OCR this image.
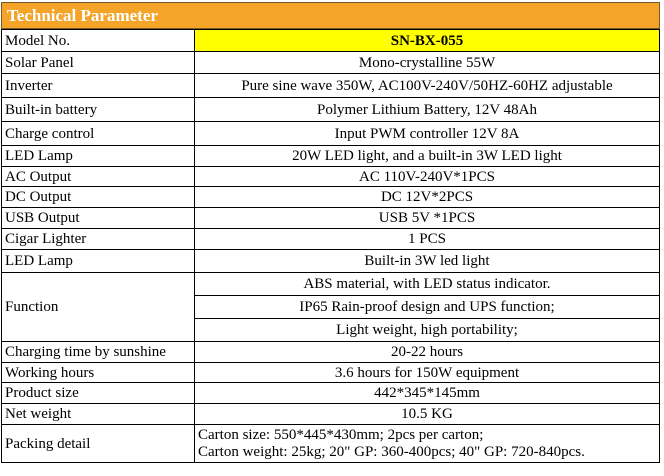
Technical Parameter
Model No.	SN-BX-055
Solar Panel	Mono-crystalline 55W
Inverter	Pure sine wave 350W, AC100V-240V/50HZ-60HZ adjustable
Built-in battery	Polymer Lithium Battery, 12V 48Ah
Charge control	Input PWM controller 12V 8A
LED Lamp	20W LED light, and a built-in 3W LED light
AC Output	AC 110V-240V*1PCS
DC Output	DC 12V*2PCS
USB Output	USB 5V *1PCS
Cigar Lighter	1 PCS
LED Lamp	Built-in 3W led light
Function	ABS material, with LED status indicator.
IP65 Rain-proof design and UPS function;
Light weight, high portability;

Charging time by sunshine	20-22 hours
Working hours	3.6 hours for 150W equipment
Product size	442*345*145mm
Net weight	10.5 KG
Packing detail	Carton size: 550*445*430mm; 2pcs per carton;
Carton weight: 25kg; 20" GP: 360-400pcs; 40" GP: 720-840pcs.
